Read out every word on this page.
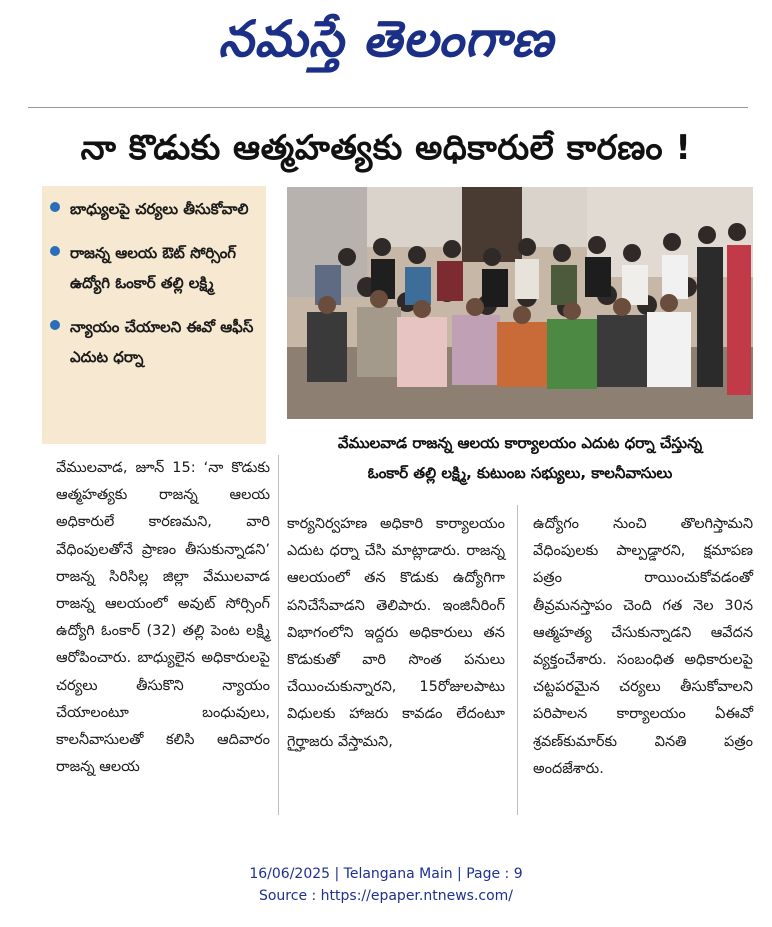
నమస్తే తెలంగాణ
నా కొడుకు ఆత్మహత్యకు అధికారులే కారణం !
బాధ్యులపై చర్యలు తీసుకోవాలి
రాజన్న ఆలయ ఔట్ సోర్సింగ్ ఉద్యోగి ఓంకార్ తల్లి లక్ష్మి
న్యాయం చేయాలని ఈవో ఆఫీస్ ఎదుట ధర్నా
వేములవాడ రాజన్న ఆలయ కార్యాలయం ఎదుట ధర్నా చేస్తున్న
ఓంకార్ తల్లి లక్ష్మి, కుటుంబ సభ్యులు, కాలనీవాసులు
వేములవాడ, జూన్ 15: ‘నా కొడుకు ఆత్మహత్యకు రాజన్న ఆలయ అధికారులే కారణమని, వారి వేధింపులతోనే ప్రాణం తీసుకున్నాడని’ రాజన్న సిరిసిల్ల జిల్లా వేములవాడ రాజన్న ఆలయంలో అవుట్ సోర్సింగ్ ఉద్యోగి ఓంకార్ (32) తల్లి పెంట లక్ష్మి ఆరోపించారు. బాధ్యులైన అధికారులపై చర్యలు తీసుకొని న్యాయం చేయాలంటూ బంధువులు, కాలనీవాసులతో కలిసి ఆదివారం రాజన్న ఆలయ
కార్యనిర్వహణ అధికారి కార్యాలయం ఎదుట ధర్నా చేసి మాట్లాడారు. రాజన్న ఆలయంలో తన కొడుకు ఉద్యోగిగా పనిచేసేవాడని తెలిపారు. ఇంజినీరింగ్ విభాగంలోని ఇద్దరు అధికారులు తన కొడుకుతో వారి సొంత పనులు చేయించుకున్నారని, 15రోజులపాటు విధులకు హాజరు కావడం లేదంటూ గైర్హాజరు వేస్తామని,
ఉద్యోగం నుంచి తొలగిస్తామని వేధింపులకు పాల్పడ్డారని, క్షమాపణ పత్రం రాయించుకోవడంతో తీవ్రమనస్తాపం చెంది గత నెల 30న ఆత్మహత్య చేసుకున్నాడని ఆవేదన వ్యక్తంచేశారు. సంబంధిత అధికారులపై చట్టపరమైన చర్యలు తీసుకోవాలని పరిపాలన కార్యాలయం ఏఈవో శ్రవణ్‌కుమార్‌కు వినతి పత్రం అందజేశారు.
16/06/2025 | Telangana Main | Page : 9
Source : https://epaper.ntnews.com/
